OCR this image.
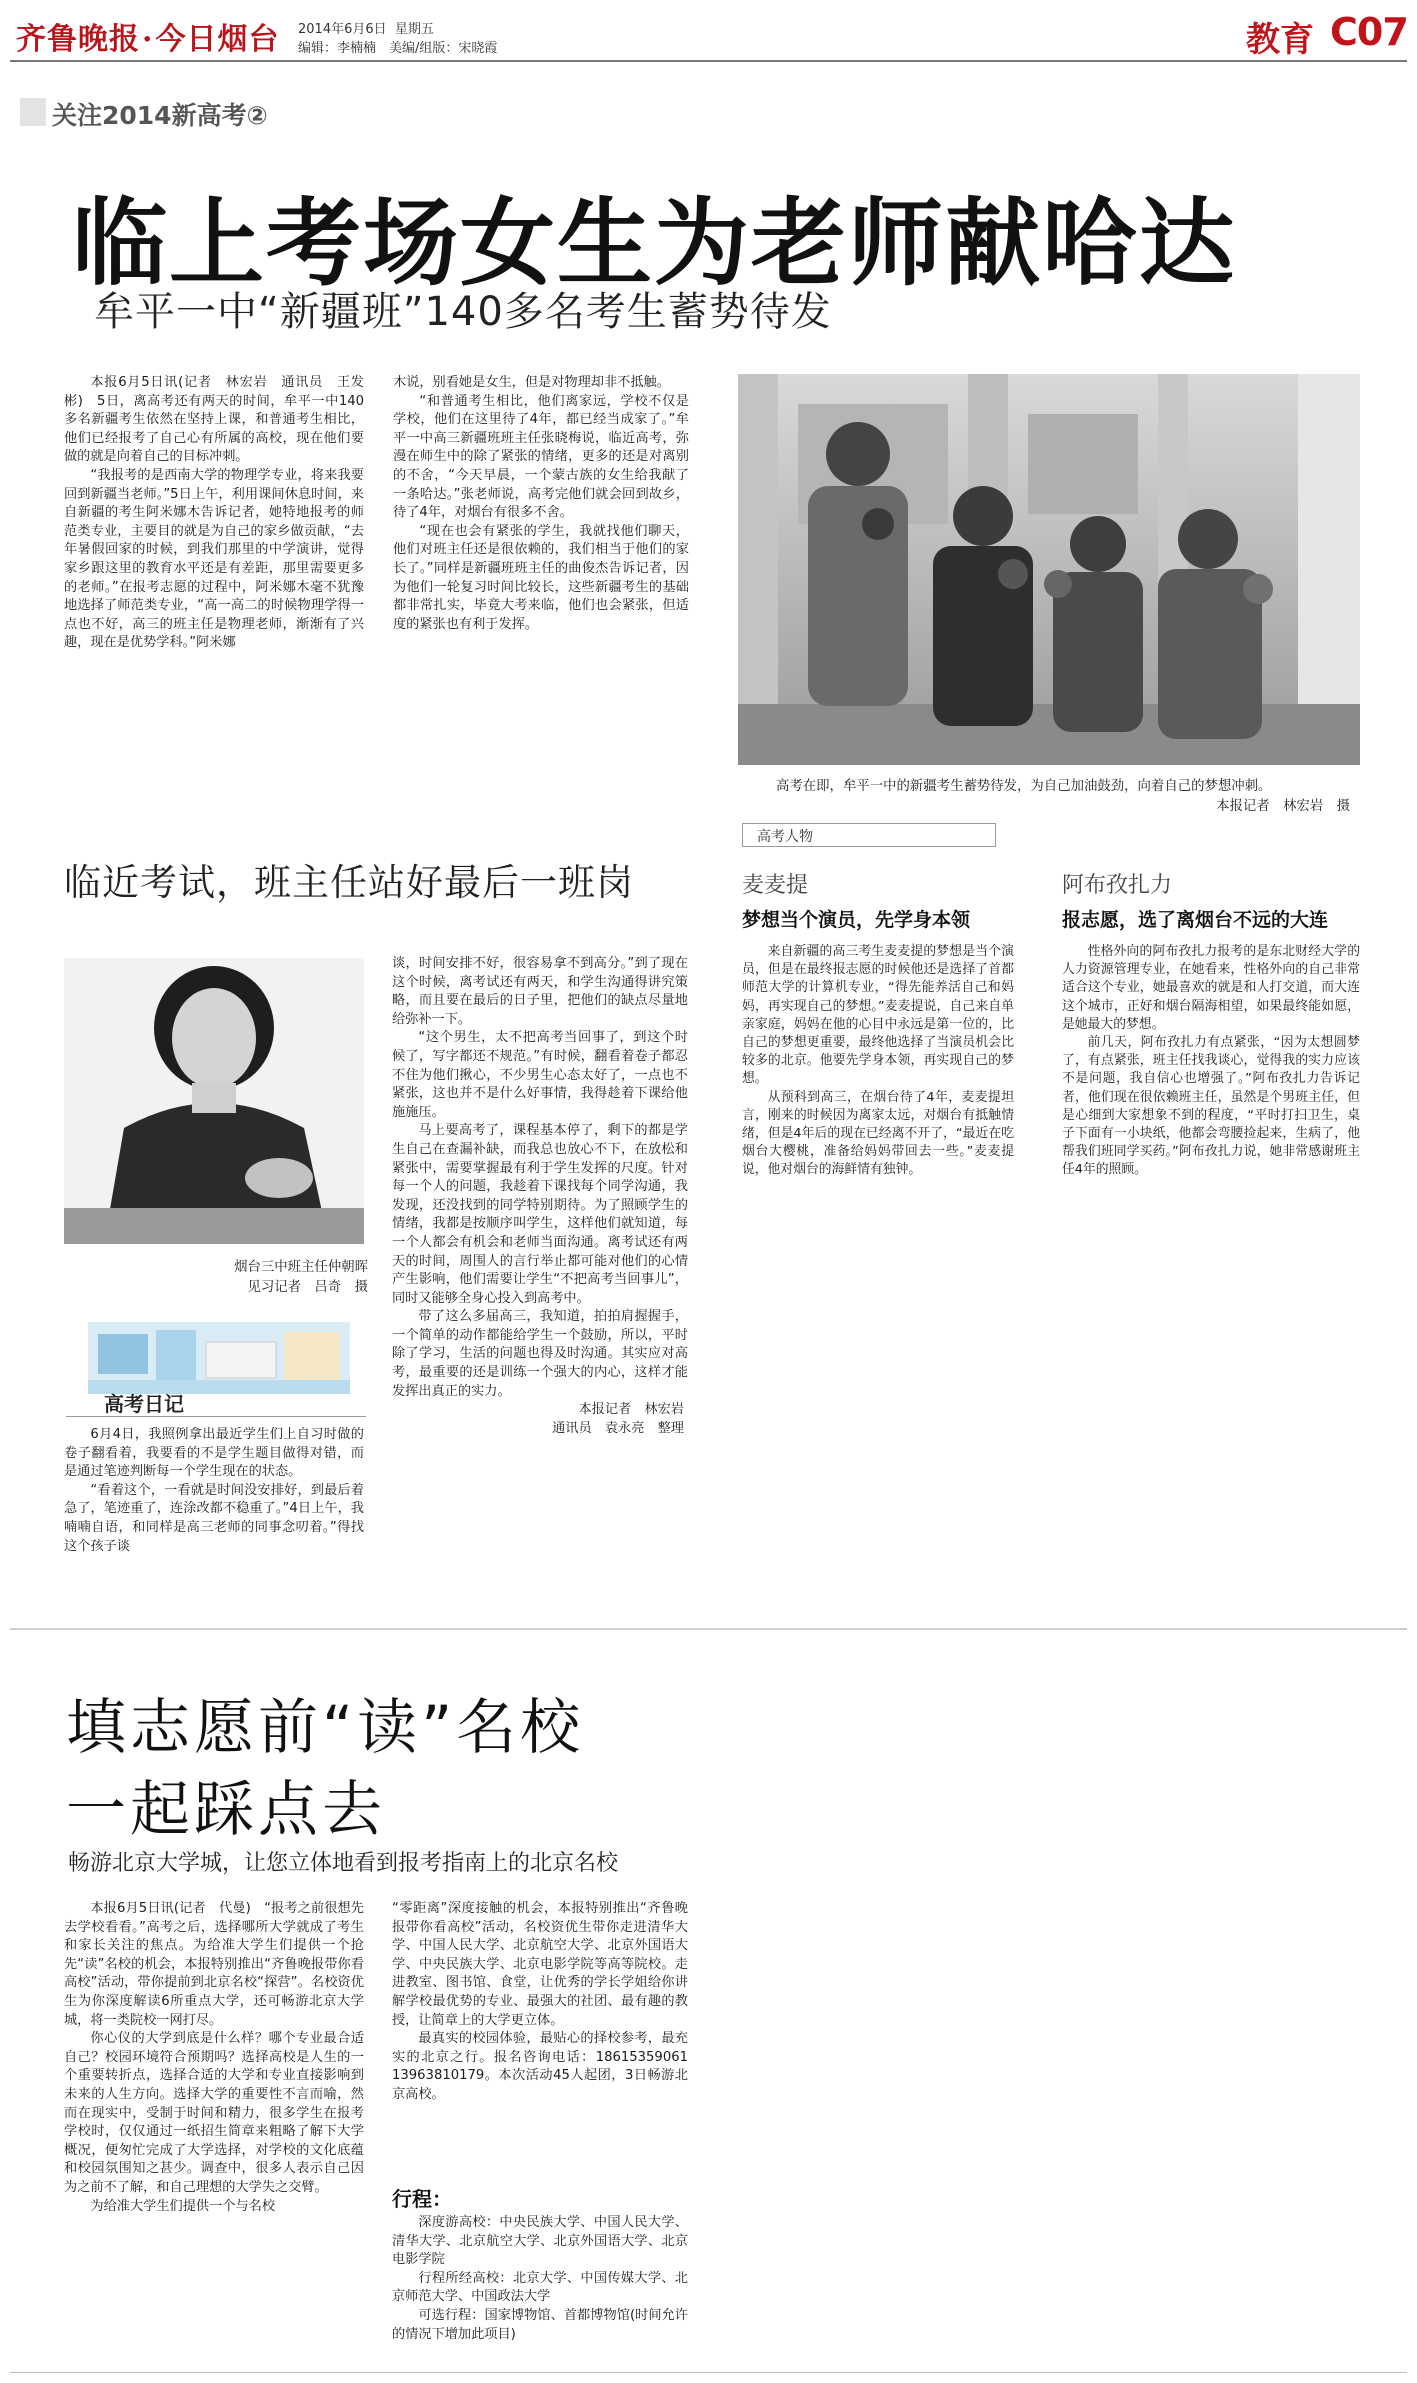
齐鲁晚报·今日烟台 2014年6月6日 星期五
编辑：李楠楠　美编/组版：宋晓霞	教育 C07
关注2014新高考②
临上考场女生为老师献哈达
牟平一中“新疆班”140多名考生蓄势待发

本报6月5日讯(记者　林宏岩　通讯员　王发彬)　5日，离高考还有两天的时间，牟平一中140多名新疆考生依然在坚持上课，和普通考生相比，他们已经报考了自己心有所属的高校，现在他们要做的就是向着自己的目标冲刺。

“我报考的是西南大学的物理学专业，将来我要回到新疆当老师。”5日上午，利用课间休息时间，来自新疆的考生阿米娜木告诉记者，她特地报考的师范类专业，主要目的就是为自己的家乡做贡献，“去年暑假回家的时候，到我们那里的中学演讲，觉得家乡跟这里的教育水平还是有差距，那里需要更多的老师。”在报考志愿的过程中，阿米娜木毫不犹豫地选择了师范类专业，“高一高二的时候物理学得一点也不好，高三的班主任是物理老师，渐渐有了兴趣，现在是优势学科。”阿米娜

木说，别看她是女生，但是对物理却非不抵触。

“和普通考生相比，他们离家远，学校不仅是学校，他们在这里待了4年，都已经当成家了。”牟平一中高三新疆班班主任张晓梅说，临近高考，弥漫在师生中的除了紧张的情绪，更多的还是对离别的不舍，“今天早晨，一个蒙古族的女生给我献了一条哈达。”张老师说，高考完他们就会回到故乡，待了4年，对烟台有很多不舍。

“现在也会有紧张的学生，我就找他们聊天，他们对班主任还是很依赖的，我们相当于他们的家长了。”同样是新疆班班主任的曲俊杰告诉记者，因为他们一轮复习时间比较长，这些新疆考生的基础都非常扎实，毕竟大考来临，他们也会紧张，但适度的紧张也有利于发挥。

高考在即，牟平一中的新疆考生蓄势待发，为自己加油鼓劲，向着自己的梦想冲刺。
本报记者　林宏岩　摄
临近考试，班主任站好最后一班岗
烟台三中班主任仲朝晖
见习记者　吕奇　摄
高考日记

6月4日，我照例拿出最近学生们上自习时做的卷子翻看着，我要看的不是学生题目做得对错，而是通过笔迹判断每一个学生现在的状态。

“看着这个，一看就是时间没安排好，到最后着急了，笔迹重了，连涂改都不稳重了。”4日上午，我喃喃自语，和同样是高三老师的同事念叨着。”得找这个孩子谈

谈，时间安排不好，很容易拿不到高分。”到了现在这个时候，离考试还有两天，和学生沟通得讲究策略，而且要在最后的日子里，把他们的缺点尽量地给弥补一下。

“这个男生，太不把高考当回事了，到这个时候了，写字都还不规范。”有时候，翻看着卷子都忍不住为他们揪心，不少男生心态太好了，一点也不紧张，这也并不是什么好事情，我得趁着下课给他施施压。

马上要高考了，课程基本停了，剩下的都是学生自己在查漏补缺，而我总也放心不下，在放松和紧张中，需要掌握最有利于学生发挥的尺度。针对每一个人的问题，我趁着下课找每个同学沟通，我发现，还没找到的同学特别期待。为了照顾学生的情绪，我都是按顺序叫学生，这样他们就知道，每一个人都会有机会和老师当面沟通。离考试还有两天的时间，周围人的言行举止都可能对他们的心情产生影响，他们需要让学生“不把高考当回事儿”，同时又能够全身心投入到高考中。

带了这么多届高三，我知道，拍拍肩握握手，一个简单的动作都能给学生一个鼓励，所以，平时除了学习，生活的问题也得及时沟通。其实应对高考，最重要的还是训练一个强大的内心，这样才能发挥出真正的实力。

本报记者　林宏岩

通讯员　袁永亮　整理

高考人物
麦麦提
梦想当个演员，先学身本领

来自新疆的高三考生麦麦提的梦想是当个演员，但是在最终报志愿的时候他还是选择了首都师范大学的计算机专业，“得先能养活自己和妈妈，再实现自己的梦想。”麦麦提说，自己来自单亲家庭，妈妈在他的心目中永远是第一位的，比自己的梦想更重要，最终他选择了当演员机会比较多的北京。他要先学身本领，再实现自己的梦想。

从预科到高三，在烟台待了4年，麦麦提坦言，刚来的时候因为离家太远，对烟台有抵触情绪，但是4年后的现在已经离不开了，“最近在吃烟台大樱桃，准备给妈妈带回去一些。”麦麦提说，他对烟台的海鲜情有独钟。

阿布孜扎力
报志愿，选了离烟台不远的大连

性格外向的阿布孜扎力报考的是东北财经大学的人力资源管理专业，在她看来，性格外向的自己非常适合这个专业，她最喜欢的就是和人打交道，而大连这个城市，正好和烟台隔海相望，如果最终能如愿，是她最大的梦想。

前几天，阿布孜扎力有点紧张，“因为太想圆梦了，有点紧张，班主任找我谈心，觉得我的实力应该不是问题，我自信心也增强了。”阿布孜扎力告诉记者，他们现在很依赖班主任，虽然是个男班主任，但是心细到大家想象不到的程度，“平时打扫卫生，桌子下面有一小块纸，他都会弯腰捡起来，生病了，他帮我们班同学买药。”阿布孜扎力说，她非常感谢班主任4年的照顾。

填志愿前“读”名校
一起踩点去
畅游北京大学城，让您立体地看到报考指南上的北京名校

本报6月5日讯(记者　代曼)　“报考之前很想先去学校看看。”高考之后，选择哪所大学就成了考生和家长关注的焦点。为给准大学生们提供一个抢先“读”名校的机会，本报特别推出“齐鲁晚报带你看高校”活动，带你提前到北京名校“探营”。名校资优生为你深度解读6所重点大学，还可畅游北京大学城，将一类院校一网打尽。

你心仪的大学到底是什么样？哪个专业最合适自己？校园环境符合预期吗？选择高校是人生的一个重要转折点，选择合适的大学和专业直接影响到未来的人生方向。选择大学的重要性不言而喻，然而在现实中，受制于时间和精力，很多学生在报考学校时，仅仅通过一纸招生简章来粗略了解下大学概况，便匆忙完成了大学选择，对学校的文化底蕴和校园氛围知之甚少。调查中，很多人表示自己因为之前不了解，和自己理想的大学失之交臂。

为给准大学生们提供一个与名校

“零距离”深度接触的机会，本报特别推出“齐鲁晚报带你看高校”活动，名校资优生带你走进清华大学、中国人民大学、北京航空大学、北京外国语大学、中央民族大学、北京电影学院等高等院校。走进教室、图书馆、食堂，让优秀的学长学姐给你讲解学校最优势的专业、最强大的社团、最有趣的教授，让简章上的大学更立体。

最真实的校园体验，最贴心的择校参考，最充实的北京之行。报名咨询电话：18615359061　13963810179。本次活动45人起团，3日畅游北京高校。

行程：

深度游高校：中央民族大学、中国人民大学、清华大学、北京航空大学、北京外国语大学、北京电影学院

行程所经高校：北京大学、中国传媒大学、北京师范大学、中国政法大学

可选行程：国家博物馆、首都博物馆(时间允许的情况下增加此项目)
